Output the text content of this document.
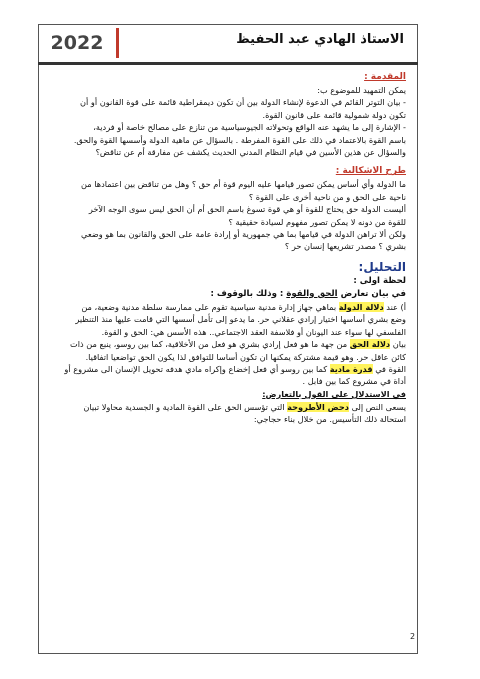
2022	الاستاذ الهادي عبد الحفيظ
المقدمة :
يمكن التمهيد للموضوع ب:
- بيان التوتر القائم في الدعوة لإنشاء الدولة بين أن تكون ديمقراطية قائمة على قوة القانون أو أن
تكون دولة شمولية قائمة على قانون القوة.
- الإشارة إلى ما يشهد عنه الواقع وتحولاته الجيوسياسية من تنازع على مصالح خاصة أو فردية،
باسم القوة بالاعتماد في ذلك على القوة المفرطة . بالسؤال عن ماهية الدولة وأسسها القوة والحق.
والسؤال عن هذين الأسين في قيام النظام المدني الحديث يكشف عن مفارقة أم عن تناقض؟
طرح الاشكالية :
ما الدولة وأي أساس يمكن تصور قيامها عليه اليوم قوة أم حق ؟ وهل من تناقض بين اعتمادها من
ناحية على الحق و من ناحية أخرى على القوة ؟
أليست الدولة حق يحتاج للقوة أو هي قوة تسوغ باسم الحق أم أن الحق ليس سوى الوجه الآخر
للقوة من دونه لا يمكن تصور مفهوم لسيادة حقيقية ؟
ولكن ألا تراهن الدولة في قيامها بما هي جمهورية أو إرادة عامة على الحق والقانون بما هو وضعي
بشري ؟ مصدر تشريعها إنسان حر ؟
التحليل:
لحظة اولى :
في بيان تعارض الحق والقوة : وذلك بالوقوف :
أ) عند دلالة الدولة بماهي جهاز إدارة مدنية سياسية تقوم على ممارسة سلطة مدنية وضعية، من
وضع بشري أساسها اختيار إرادي عقلاني حر. ما يدعو إلى تأمل أسسها التي قامت عليها منذ التنظير
الفلسفي لها سواء عند اليونان أو فلاسفة العقد الاجتماعي.. هذه الأسس هي: الحق و القوة.
بيان دلالة الحق من جهة ما هو فعل إرادي بشري هو فعل من الأخلاقية، كما بين روسو، ينبع من ذات
كائن عاقل حر. وهو قيمة مشتركة يمكنها ان تكون أساسا للتوافق لذا يكون الحق تواضعيا اتفاقيا.
القوة في قدرة مادية كما بين روسو أي فعل إخضاع وإكراه مادي هدفه تحويل الإنسان الى مشروع أو
أداة في مشروع كما بين فابل .
في الاستدلال على القول بالتعارض:
يسعى النص إلى دحض الأطروحة التي تؤسس الحق على القوة المادية و الجسدية محاولا تبيان
استحالة ذلك التأسيس. من خلال بناء حجاجي:
2
